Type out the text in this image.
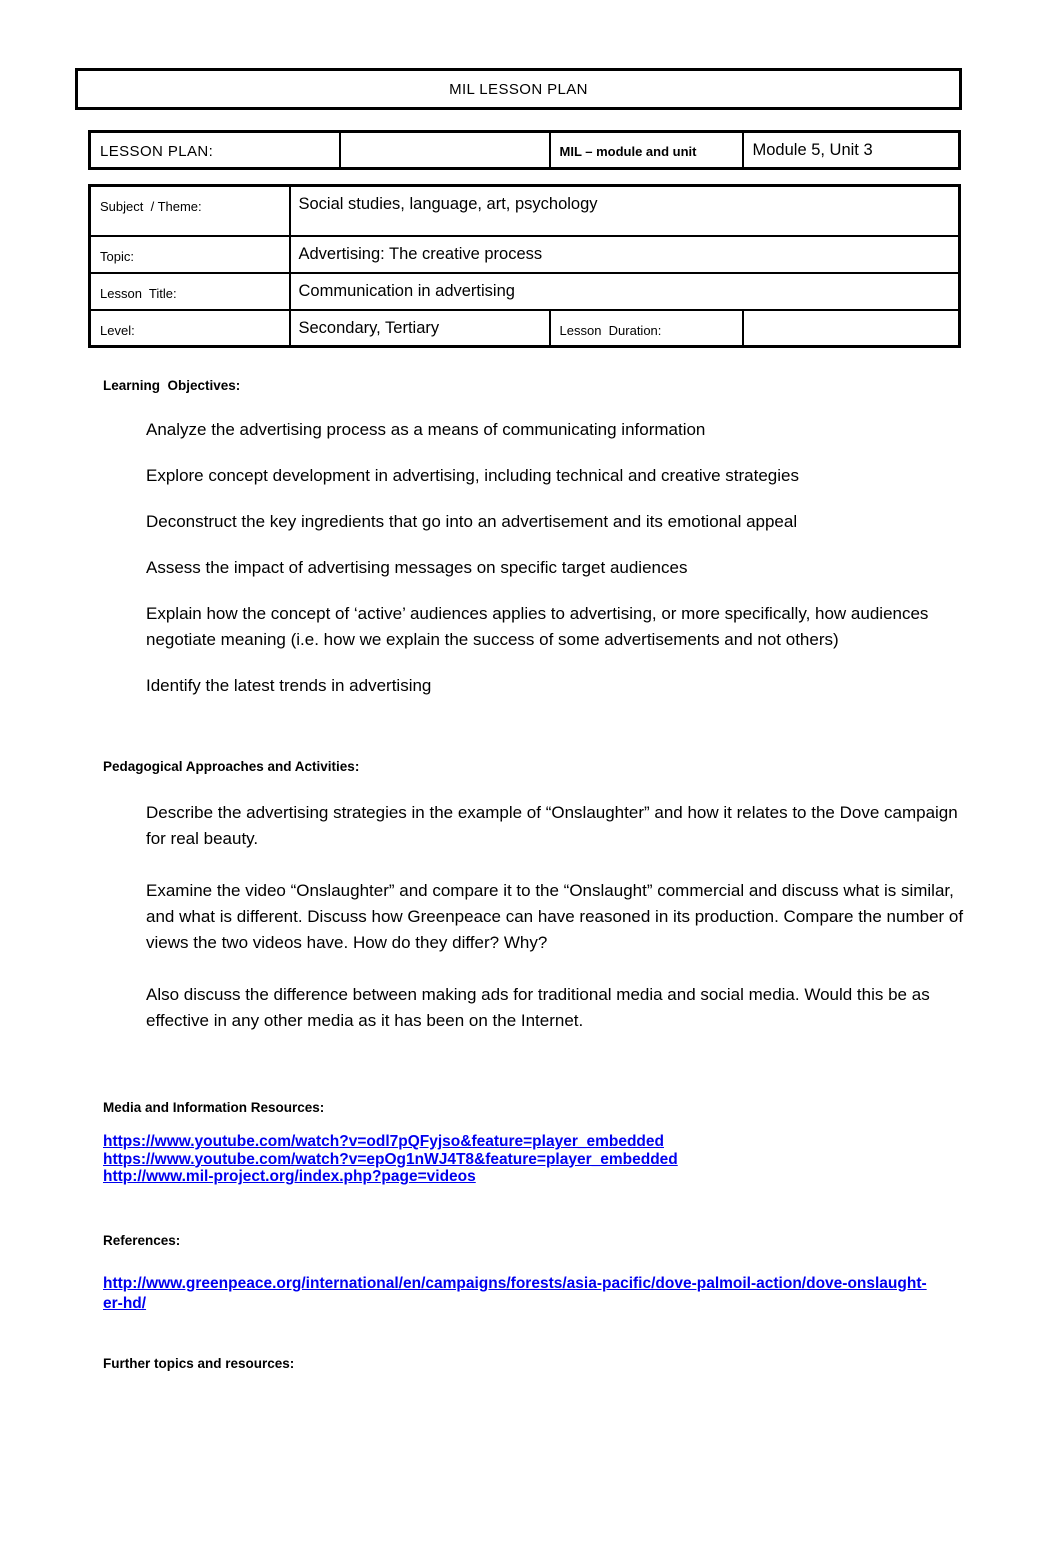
MIL LESSON PLAN
LESSON PLAN:		MIL – module and unit	Module 5, Unit 3
Subject  / Theme:	Social studies, language, art, psychology		
Topic:	Advertising: The creative process		
Lesson  Title:	Communication in advertising		
Level:	Secondary, Tertiary	Lesson  Duration:	
Learning  Objectives:

Analyze the advertising process as a means of communicating information

Explore concept development in advertising, including technical and creative strategies

Deconstruct the key ingredients that go into an advertisement and its emotional appeal

Assess the impact of advertising messages on specific target audiences

Explain how the concept of ‘active’ audiences applies to advertising, or more specifically, how audiences negotiate meaning (i.e. how we explain the success of some advertisements and not others)

Identify the latest trends in advertising

Pedagogical Approaches and Activities:

Describe the advertising strategies in the example of “Onslaughter” and how it relates to the Dove campaign for real beauty.

Examine the video “Onslaughter” and compare it to the “Onslaught” commercial and discuss what is similar, and what is different. Discuss how Greenpeace can have reasoned in its production. Compare the number of views the two videos have. How do they differ? Why?

Also discuss the difference between making ads for traditional media and social media. Would this be as effective in any other media as it has been on the Internet.

Media and Information Resources:
https://www.youtube.com/watch?v=odl7pQFyjso&feature=player_embedded
https://www.youtube.com/watch?v=epOg1nWJ4T8&feature=player_embedded
http://www.mil-project.org/index.php?page=videos
References:
http://www.greenpeace.org/international/en/campaigns/forests/asia-pacific/dove-palmoil-action/dove-onslaught-er-hd/
Further topics and resources:
